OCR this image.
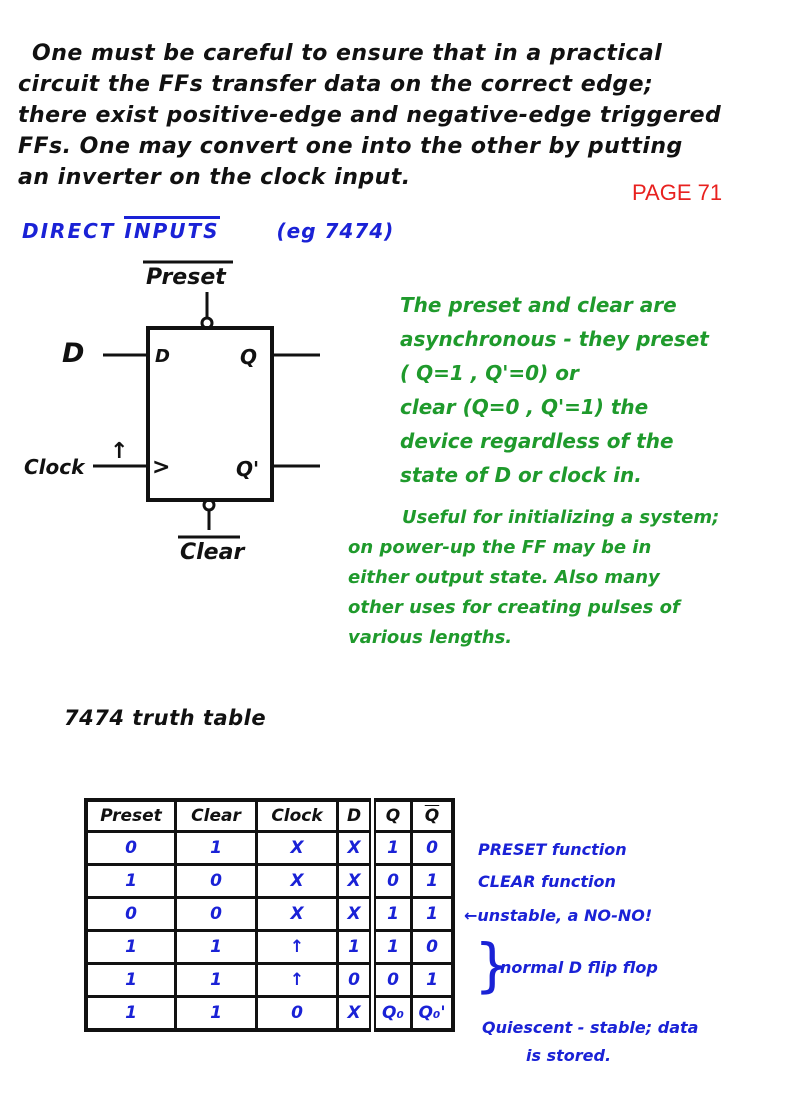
One must be careful to ensure that in a practical
circuit the FFs transfer data on the correct edge;
there exist positive-edge and negative-edge triggered
FFs. One may convert one into the other by putting
an inverter on the clock input.
PAGE 71
DIRECT INPUTS	(eg 7474)
Preset
D	D	Q
Clock
↑
>	Q'
Clear
The preset and clear are
asynchronous - they preset
( Q=1 , Q'=0) or
clear (Q=0 , Q'=1) the
device regardless of the
state of D or clock in.
Useful for initializing a system;
on power-up the FF may be in
either output state. Also many
other uses for creating pulses of
various lengths.
7474 truth table
Preset	Clear	Clock	D	Q	$\overline{Q}$
0	1	X	X	1	0
1	0	X	X	0	1
0	0	X	X	1	1
1	1	↑	1	1	0
1	1	↑	0	0	1
1	1	0	X	Q₀	Q₀'
PRESET function
CLEAR function
←unstable, a NO-NO!
}
normal D flip flop
Quiescent - stable; data
is stored.
